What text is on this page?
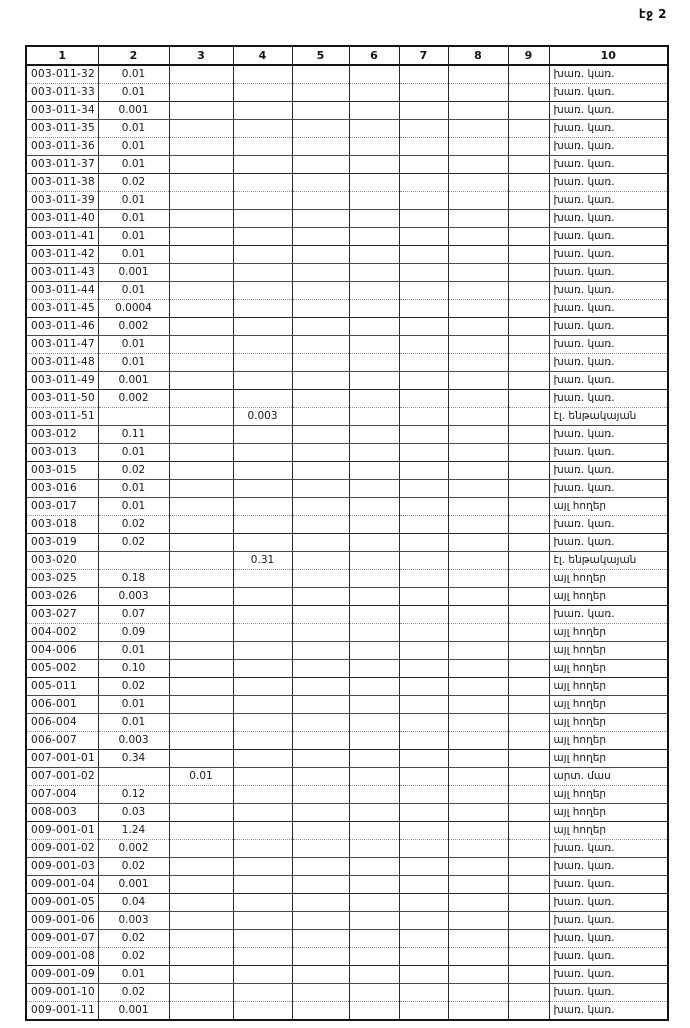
էջ 2
1	2	3	4	5	6	7	8	9	10
003-011-32	0.01								խառ. կառ.
003-011-33	0.01								խառ. կառ.
003-011-34	0.001								խառ. կառ.
003-011-35	0.01								խառ. կառ.
003-011-36	0.01								խառ. կառ.
003-011-37	0.01								խառ. կառ.
003-011-38	0.02								խառ. կառ.
003-011-39	0.01								խառ. կառ.
003-011-40	0.01								խառ. կառ.
003-011-41	0.01								խառ. կառ.
003-011-42	0.01								խառ. կառ.
003-011-43	0.001								խառ. կառ.
003-011-44	0.01								խառ. կառ.
003-011-45	0.0004								խառ. կառ.
003-011-46	0.002								խառ. կառ.
003-011-47	0.01								խառ. կառ.
003-011-48	0.01								խառ. կառ.
003-011-49	0.001								խառ. կառ.
003-011-50	0.002								խառ. կառ.
003-011-51			0.003						էլ. ենթակայան
003-012	0.11								խառ. կառ.
003-013	0.01								խառ. կառ.
003-015	0.02								խառ. կառ.
003-016	0.01								խառ. կառ.
003-017	0.01								այլ հողեր
003-018	0.02								խառ. կառ.
003-019	0.02								խառ. կառ.
003-020			0.31						էլ. ենթակայան
003-025	0.18								այլ հողեր
003-026	0.003								այլ հողեր
003-027	0.07								խառ. կառ.
004-002	0.09								այլ հողեր
004-006	0.01								այլ հողեր
005-002	0.10								այլ հողեր
005-011	0.02								այլ հողեր
006-001	0.01								այլ հողեր
006-004	0.01								այլ հողեր
006-007	0.003								այլ հողեր
007-001-01	0.34								այլ հողեր
007-001-02		0.01							արտ. մաս
007-004	0.12								այլ հողեր
008-003	0.03								այլ հողեր
009-001-01	1.24								այլ հողեր
009-001-02	0.002								խառ. կառ.
009-001-03	0.02								խառ. կառ.
009-001-04	0.001								խառ. կառ.
009-001-05	0.04								խառ. կառ.
009-001-06	0.003								խառ. կառ.
009-001-07	0.02								խառ. կառ.
009-001-08	0.02								խառ. կառ.
009-001-09	0.01								խառ. կառ.
009-001-10	0.02								խառ. կառ.
009-001-11	0.001								խառ. կառ.
